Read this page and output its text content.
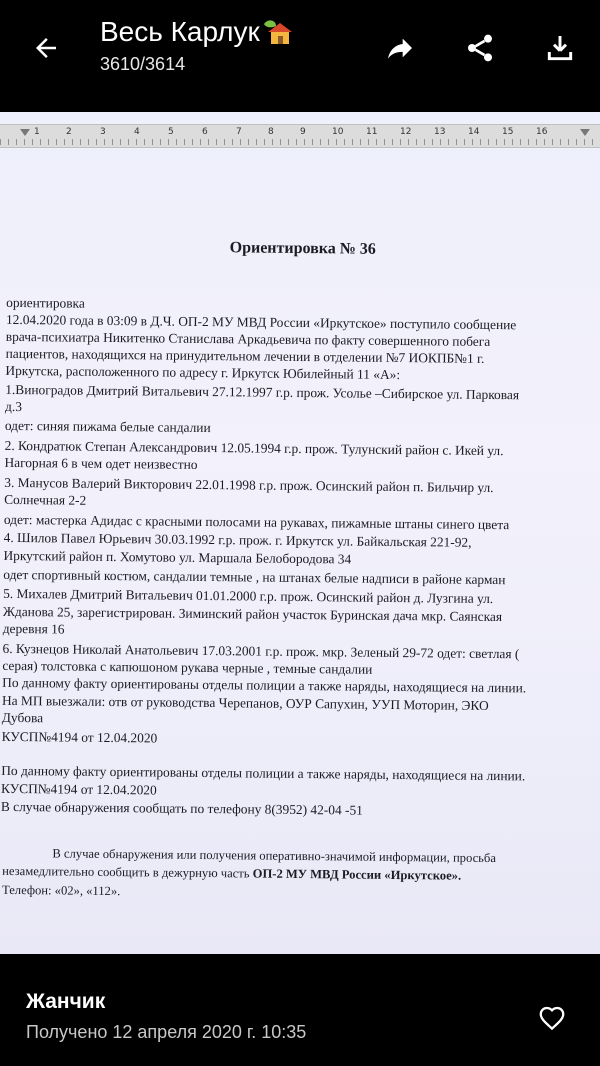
Весь Карлук
3610/3614
1	2	3	4	5	6	7	8	9	10	11	12	13	14	15	16
Ориентировка № 36
ориентировка
12.04.2020 года в 03:09 в Д.Ч. ОП-2 МУ МВД России «Иркутское» поступило сообщение
врача-психиатра Никитенко Станислава Аркадьевича по факту совершенного побега
пациентов, находящихся на принудительном лечении в отделении №7 ИОКПБ№1 г.
Иркутска, расположенного по адресу г. Иркутск Юбилейный 11 «А»:
1.Виноградов Дмитрий Витальевич 27.12.1997 г.р. прож. Усолье –Сибирское ул. Парковая
д.3
одет: синяя пижама белые сандалии
2. Кондратюк Степан Александрович 12.05.1994 г.р. прож. Тулунский район с. Икей ул.
Нагорная 6 в чем одет неизвестно
3. Манусов Валерий Викторович 22.01.1998 г.р. прож. Осинский район п. Бильчир ул.
Солнечная 2-2
одет: мастерка Адидас с красными полосами на рукавах, пижамные штаны синего цвета
4. Шилов Павел Юрьевич 30.03.1992 г.р. прож. г. Иркутск ул. Байкальская 221-92,
Иркутский район п. Хомутово ул. Маршала Белобородова 34
одет спортивный костюм, сандалии темные , на штанах белые надписи в районе карман
5. Михалев Дмитрий Витальевич 01.01.2000 г.р. прож. Осинский район д. Лузгина ул.
Жданова 25, зарегистрирован. Зиминский район участок Буринская дача мкр. Саянская
деревня 16
6. Кузнецов Николай Анатольевич 17.03.2001 г.р. прож. мкр. Зеленый 29-72 одет: светлая (
серая) толстовка с капюшоном рукава черные , темные сандалии
По данному факту ориентированы отделы полиции а также наряды, находящиеся на линии.
На МП выезжали: отв от руководства Черепанов, ОУР Сапухин, УУП Моторин, ЭКО
Дубова
КУСП№4194 от 12.04.2020
По данному факту ориентированы отделы полиции а также наряды, находящиеся на линии.
КУСП№4194 от 12.04.2020
В случае обнаружения сообщать по телефону 8(3952) 42-04 -51
В случае обнаружения или получения оперативно-значимой информации, просьба
незамедлительно сообщить в дежурную часть ОП-2 МУ МВД России «Иркутское».
Телефон: «02», «112».
Жанчик
Получено 12 апреля 2020 г. 10:35
